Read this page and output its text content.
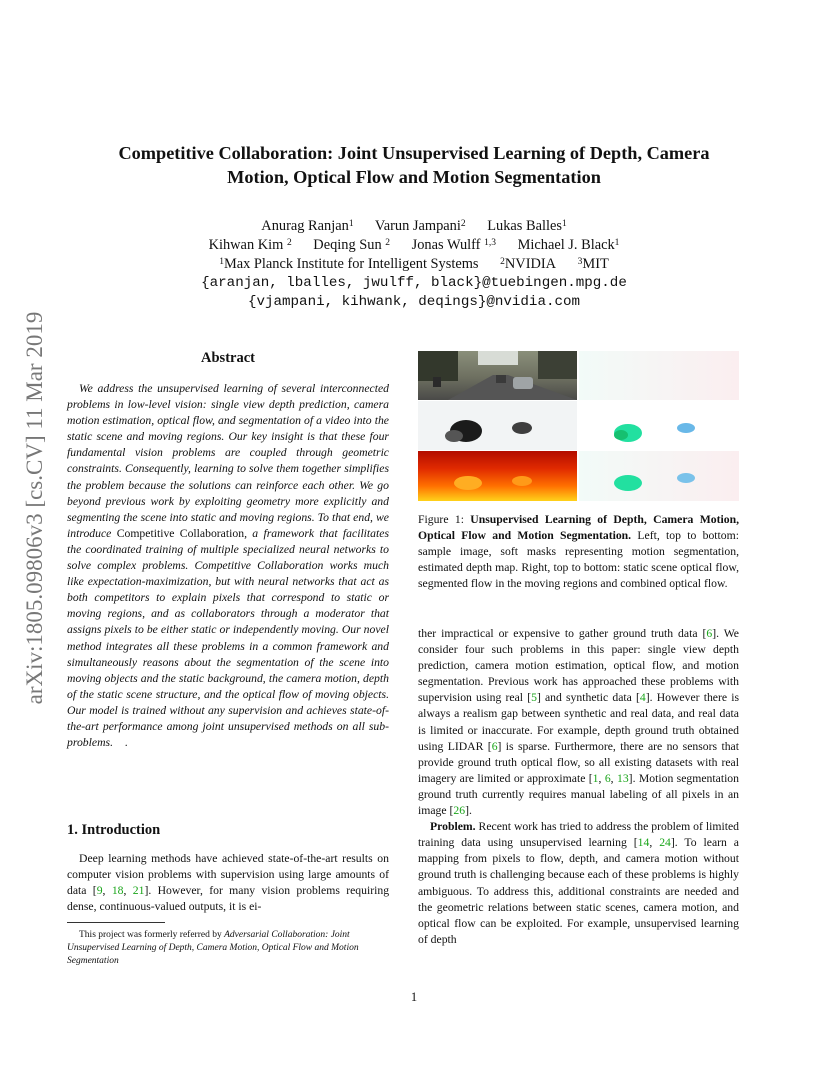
arXiv:1805.09806v3 [cs.CV] 11 Mar 2019
Competitive Collaboration: Joint Unsupervised Learning of Depth, Camera
Motion, Optical Flow and Motion Segmentation
Anurag Ranjan$^1$ Varun Jampani$^2$ Lukas Balles$^1$
Kihwan Kim $^2$ Deqing Sun $^2$ Jonas Wulff $^{1,3}$ Michael J. Black$^1$
$^1$Max Planck Institute for Intelligent Systems $^2$NVIDIA $^3$MIT
{aranjan, lballes, jwulff, black}@tuebingen.mpg.de
{vjampani, kihwank, deqings}@nvidia.com
Abstract
We address the unsupervised learning of several interconnected problems in low-level vision: single view depth prediction, camera motion estimation, optical flow, and segmentation of a video into the static scene and moving regions. Our key insight is that these four fundamental vision problems are coupled through geometric constraints. Consequently, learning to solve them together simplifies the problem because the solutions can reinforce each other. We go beyond previous work by exploiting geometry more explicitly and segmenting the scene into static and moving regions. To that end, we introduce Competitive Collaboration, a framework that facilitates the coordinated training of multiple specialized neural networks to solve complex problems. Competitive Collaboration works much like expectation-maximization, but with neural networks that act as both competitors to explain pixels that correspond to static or moving regions, and as collaborators through a moderator that assigns pixels to be either static or independently moving. Our novel method integrates all these problems in a common framework and simultaneously reasons about the segmentation of the scene into moving objects and the static background, the camera motion, depth of the static scene structure, and the optical flow of moving objects. Our model is trained without any supervision and achieves state-of-the-art performance among joint unsupervised methods on all sub-problems. .
1. Introduction
Deep learning methods have achieved state-of-the-art results on computer vision problems with supervision using large amounts of data [9, 18, 21]. However, for many vision problems requiring dense, continuous-valued outputs, it is ei-
This project was formerly referred by Adversarial Collaboration: Joint Unsupervised Learning of Depth, Camera Motion, Optical Flow and Motion Segmentation
Figure 1: Unsupervised Learning of Depth, Camera Motion, Optical Flow and Motion Segmentation. Left, top to bottom: sample image, soft masks representing motion segmentation, estimated depth map. Right, top to bottom: static scene optical flow, segmented flow in the moving regions and combined optical flow.

ther impractical or expensive to gather ground truth data [6]. We consider four such problems in this paper: single view depth prediction, camera motion estimation, optical flow, and motion segmentation. Previous work has approached these problems with supervision using real [5] and synthetic data [4]. However there is always a realism gap between synthetic and real data, and real data is limited or inaccurate. For example, depth ground truth obtained using LIDAR [6] is sparse. Furthermore, there are no sensors that provide ground truth optical flow, so all existing datasets with real imagery are limited or approximate [1, 6, 13]. Motion segmentation ground truth currently requires manual labeling of all pixels in an image [26].

Problem. Recent work has tried to address the problem of limited training data using unsupervised learning [14, 24]. To learn a mapping from pixels to flow, depth, and camera motion without ground truth is challenging because each of these problems is highly ambiguous. To address this, additional constraints are needed and the geometric relations between static scenes, camera motion, and optical flow can be exploited. For example, unsupervised learning of depth

1
